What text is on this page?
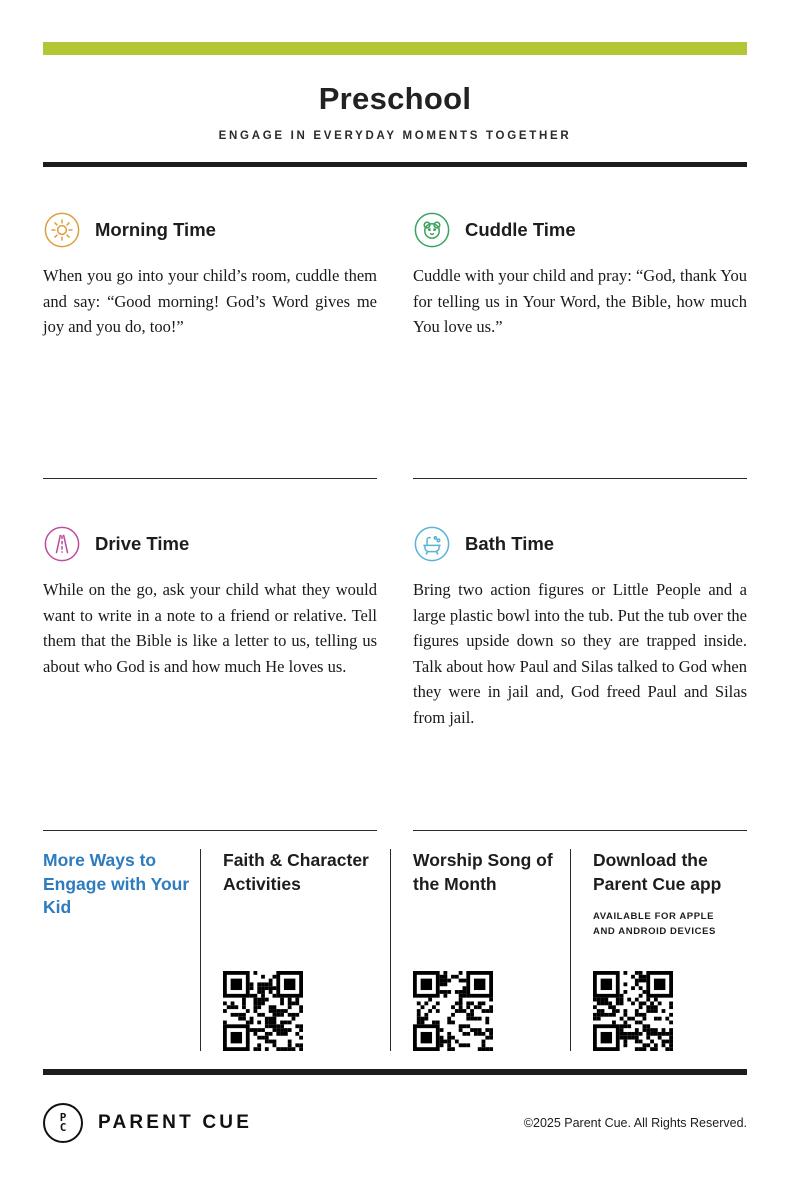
Preschool
ENGAGE IN EVERYDAY MOMENTS TOGETHER
Morning Time
When you go into your child’s room, cuddle them and say: “Good morning! God’s Word gives me joy and you do, too!”
Cuddle Time
Cuddle with your child and pray: “God, thank You for telling us in Your Word, the Bible, how much You love us.”
Drive Time
While on the go, ask your child what they would want to write in a note to a friend or relative. Tell them that the Bible is like a letter to us, telling us about who God is and how much He loves us.
Bath Time
Bring two action figures or Little People and a large plastic bowl into the tub. Put the tub over the figures upside down so they are trapped inside. Talk about how Paul and Silas talked to God when they were in jail and, God freed Paul and Silas from jail.
More Ways to Engage with Your Kid
Faith & Character Activities
Worship Song of the Month
Download the Parent Cue app
AVAILABLE FOR APPLE AND ANDROID DEVICES
P
C PARENT CUE	©2025 Parent Cue. All Rights Reserved.
